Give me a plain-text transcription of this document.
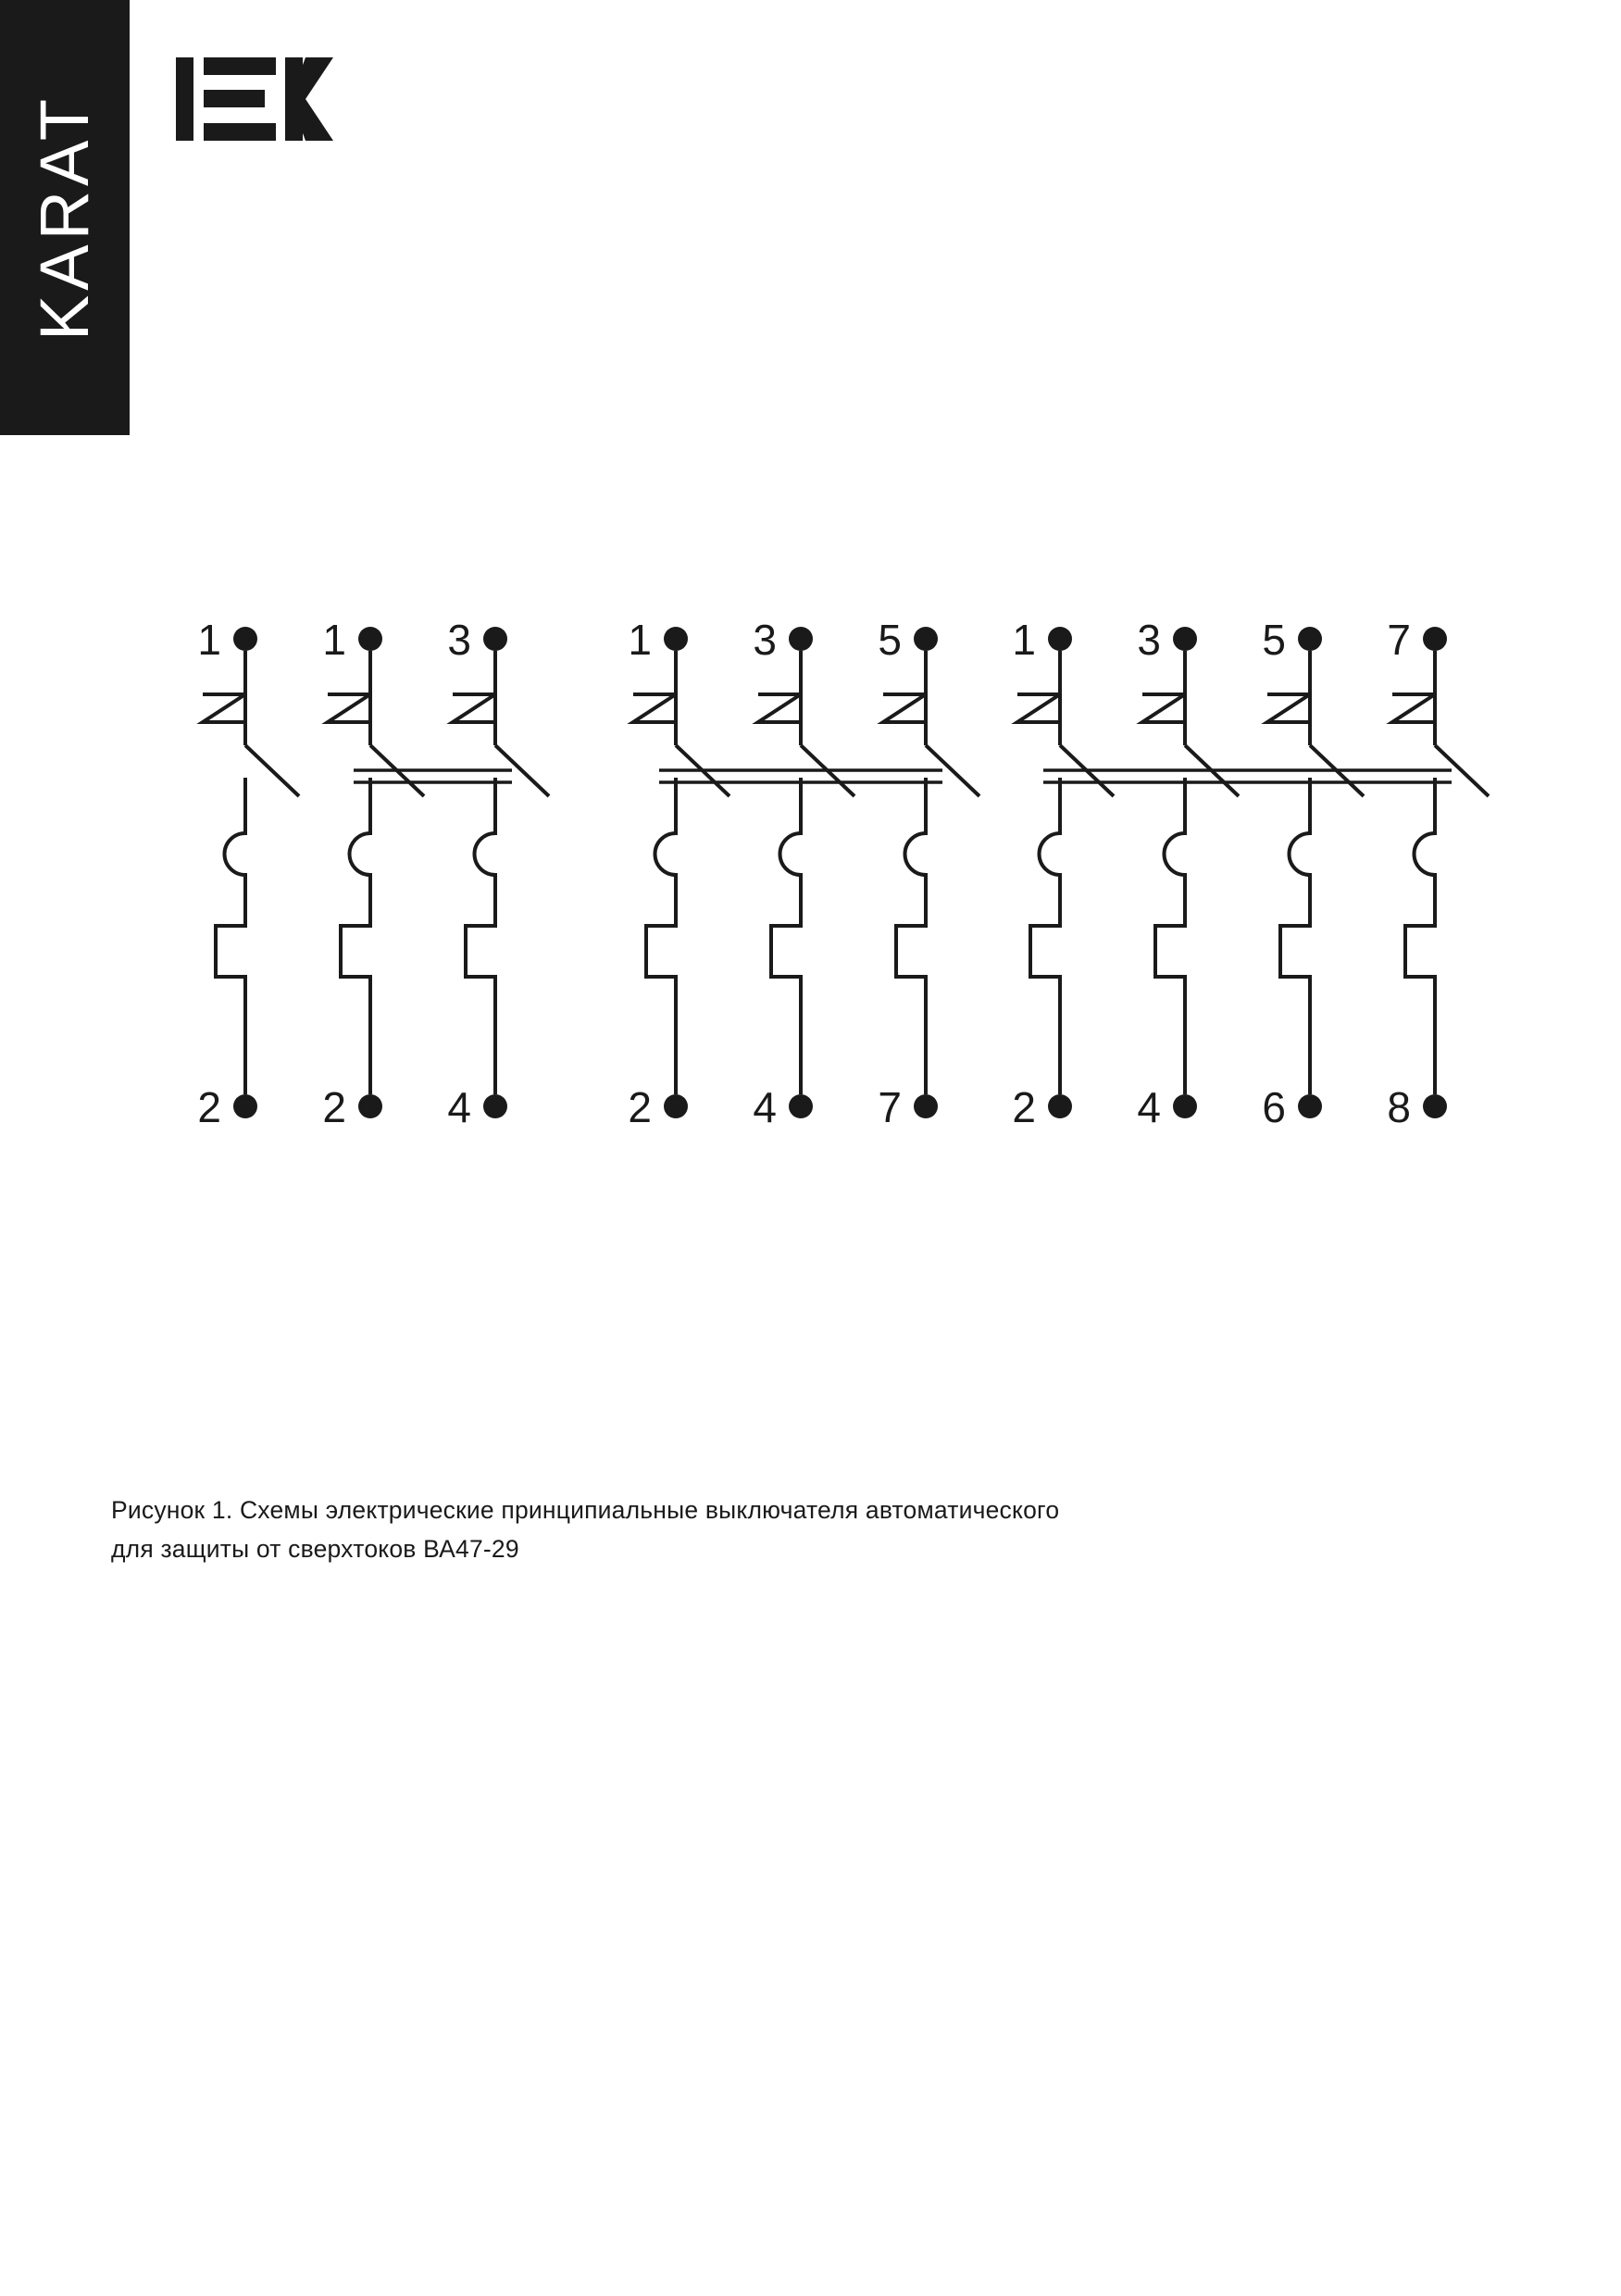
KARAT
1
2
1
2
3
4
1
2
3
4
5
7
1
2
3
4
5
6
7
8
Рисунок 1. Схемы электрические принципиальные выключателя автоматического
для защиты от сверхтоков ВА47-29
